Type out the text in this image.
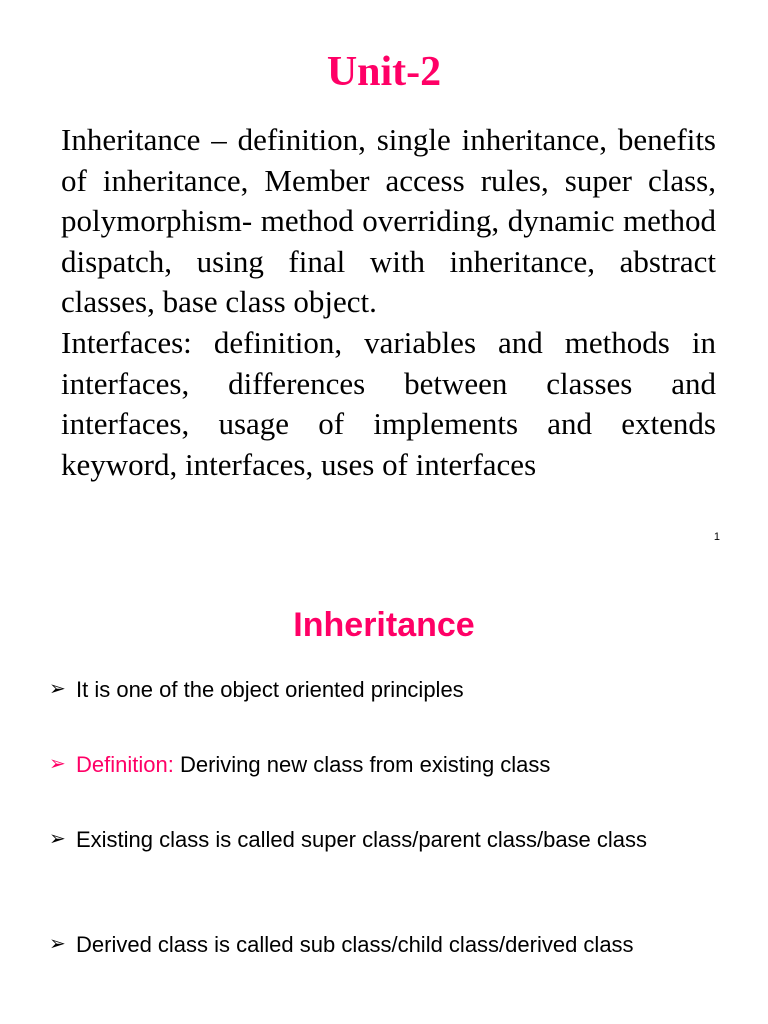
Unit-2

Inheritance – definition, single inheritance, benefits of inheritance, Member access rules, super class, polymorphism- method overriding, dynamic method dispatch, using final with inheritance, abstract classes, base class object.

Interfaces: definition, variables and methods in interfaces, differences between classes and interfaces, usage of implements and extends keyword, interfaces, uses of interfaces

1
Inheritance
➢ It is one of the object oriented principles
➢ Definition: Deriving new class from existing class
➢ Existing class is called super class/parent class/base class
➢ Derived class is called sub class/child class/derived class
